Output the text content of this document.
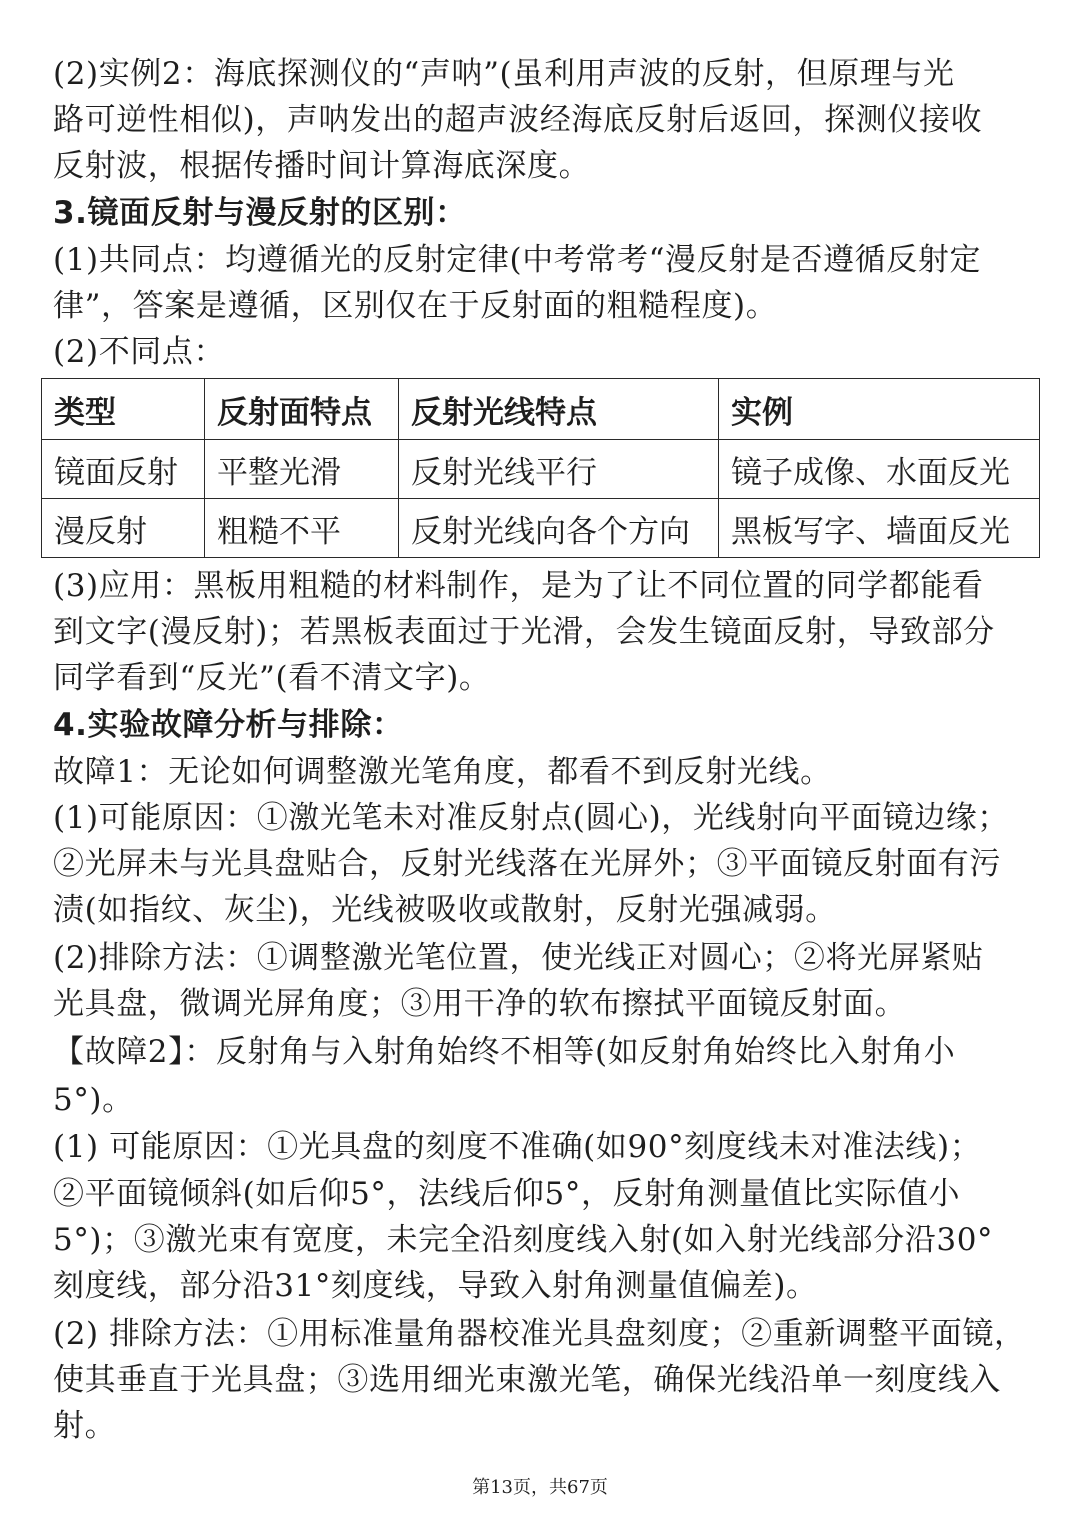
(2)实例2：海底探测仪的“声呐”(虽利用声波的反射，但原理与光
路可逆性相似)，声呐发出的超声波经海底反射后返回，探测仪接收
反射波，根据传播时间计算海底深度。
3.镜面反射与漫反射的区别：
(1)共同点：均遵循光的反射定律(中考常考“漫反射是否遵循反射定
律”，答案是遵循，区别仅在于反射面的粗糙程度)。
(2)不同点：
类型	反射面特点	反射光线特点	实例
镜面反射	平整光滑	反射光线平行	镜子成像、水面反光
漫反射	粗糙不平	反射光线向各个方向	黑板写字、墙面反光
(3)应用：黑板用粗糙的材料制作，是为了让不同位置的同学都能看
到文字(漫反射)；若黑板表面过于光滑，会发生镜面反射，导致部分
同学看到“反光”(看不清文字)。
4.实验故障分析与排除：
故障1：无论如何调整激光笔角度，都看不到反射光线。
(1)可能原因：①激光笔未对准反射点(圆心)，光线射向平面镜边缘；
②光屏未与光具盘贴合，反射光线落在光屏外；③平面镜反射面有污
渍(如指纹、灰尘)，光线被吸收或散射，反射光强减弱。
(2)排除方法：①调整激光笔位置，使光线正对圆心；②将光屏紧贴
光具盘，微调光屏角度；③用干净的软布擦拭平面镜反射面。
【故障2】：反射角与入射角始终不相等(如反射角始终比入射角小
5°)。
(1) 可能原因：①光具盘的刻度不准确(如90°刻度线未对准法线)；
②平面镜倾斜(如后仰5°，法线后仰5°，反射角测量值比实际值小
5°)；③激光束有宽度，未完全沿刻度线入射(如入射光线部分沿30°
刻度线，部分沿31°刻度线，导致入射角测量值偏差)。
(2) 排除方法：①用标准量角器校准光具盘刻度；②重新调整平面镜，
使其垂直于光具盘；③选用细光束激光笔，确保光线沿单一刻度线入
射。
第13页，共67页
